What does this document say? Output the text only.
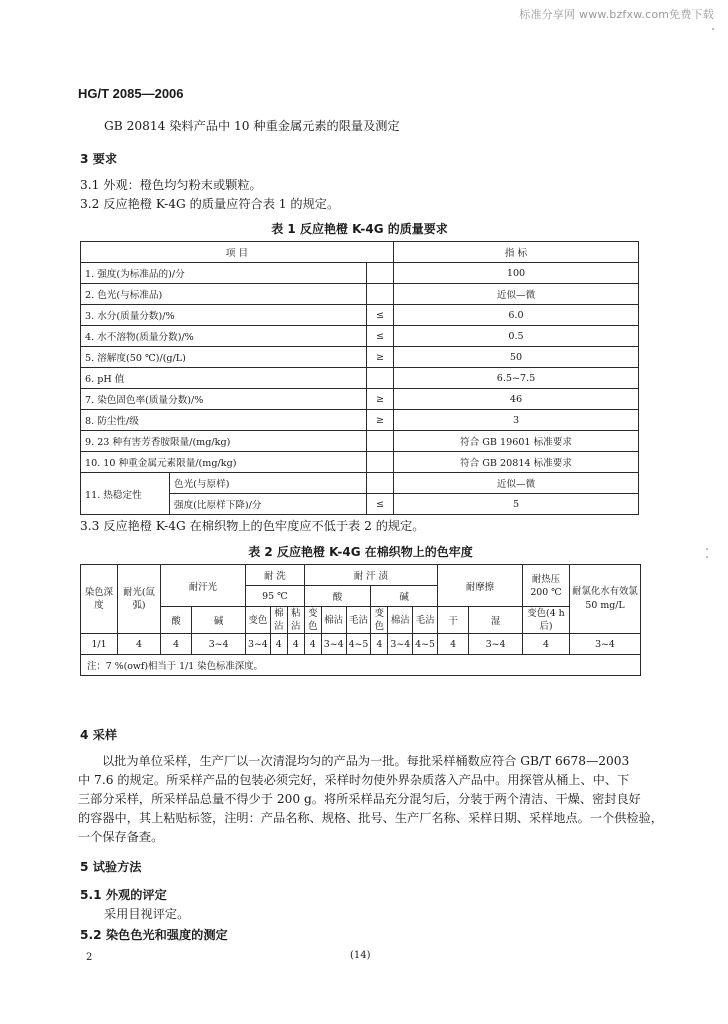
标准分享网 www.bzfxw.com免费下载
HG/T 2085—2006
GB 20814 染料产品中 10 种重金属元素的限量及测定
3 要求
3.1 外观：橙色均匀粉末或颗粒。
3.2 反应艳橙 K-4G 的质量应符合表 1 的规定。
表 1 反应艳橙 K-4G 的质量要求
项 目			指 标
1. 强度(为标准品的)/分			100
2. 色光(与标准品)			近似—微
3. 水分(质量分数)/%		≤	6.0
4. 水不溶物(质量分数)/%		≤	0.5
5. 溶解度(50 ℃)/(g/L)		≥	50
6. pH 值			6.5~7.5
7. 染色固色率(质量分数)/%		≥	46
8. 防尘性/级		≥	3
9. 23 种有害芳香胺限量/(mg/kg)			符合 GB 19601 标准要求
10. 10 种重金属元素限量/(mg/kg)			符合 GB 20814 标准要求
11. 热稳定性	色光(与原样)		近似—微
	强度(比原样下降)/分	≤	5
3.3 反应艳橙 K-4G 在棉织物上的色牢度应不低于表 2 的规定。
表 2 反应艳橙 K-4G 在棉织物上的色牢度
染色深度	耐光(氙弧)	耐汗光		耐 洗			耐 汗 渍						耐摩擦		耐热压 200 ℃	耐氯化水有效氯 50 mg/L
				95 ℃			酸			碱						
		酸	碱	变色	棉沾	粘沾	变色	棉沾	毛沾	变色	棉沾	毛沾	干	湿	变色(4 h 后)	

1/1	4	4	3~4	3~4	4	4	4	3~4	4~5	4	3~4	4~5	4	3~4	4	3~4
注：7 %(owf)相当于 1/1 染色标准深度。																
4 采样
以批为单位采样，生产厂以一次清混均匀的产品为一批。每批采样桶数应符合 GB/T 6678—2003
中 7.6 的规定。所采样产品的包装必须完好，采样时勿使外界杂质落入产品中。用探管从桶上、中、下
三部分采样，所采样品总量不得少于 200 g。将所采样品充分混匀后，分装于两个清洁、干燥、密封良好
的容器中，其上粘贴标签，注明：产品名称、规格、批号、生产厂名称、采样日期、采样地点。一个供检验，
一个保存备查。
5 试验方法
5.1 外观的评定
采用目视评定。
5.2 染色色光和强度的测定
2	(14)
